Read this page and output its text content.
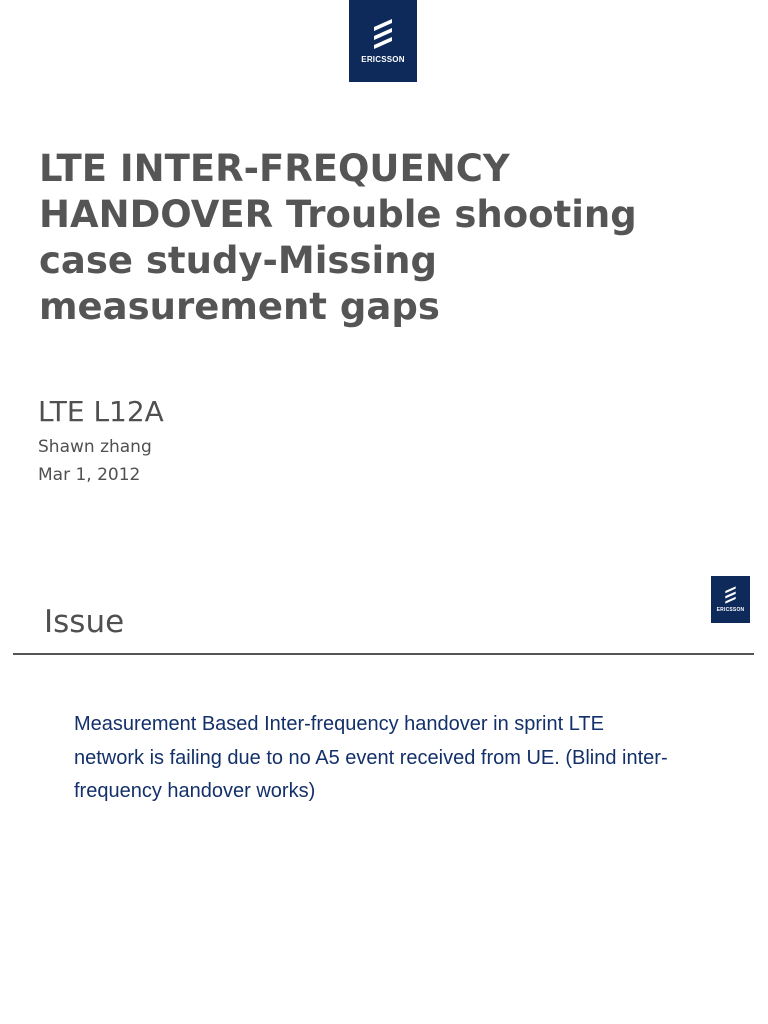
ERICSSON
LTE INTER-FREQUENCY HANDOVER Trouble shooting case study-Missing measurement gaps
LTE L12A
Shawn zhang
Mar 1, 2012
ERICSSON
Issue

Measurement Based Inter-frequency handover in sprint LTE network is failing due to no A5 event received from UE. (Blind inter-frequency handover works)
